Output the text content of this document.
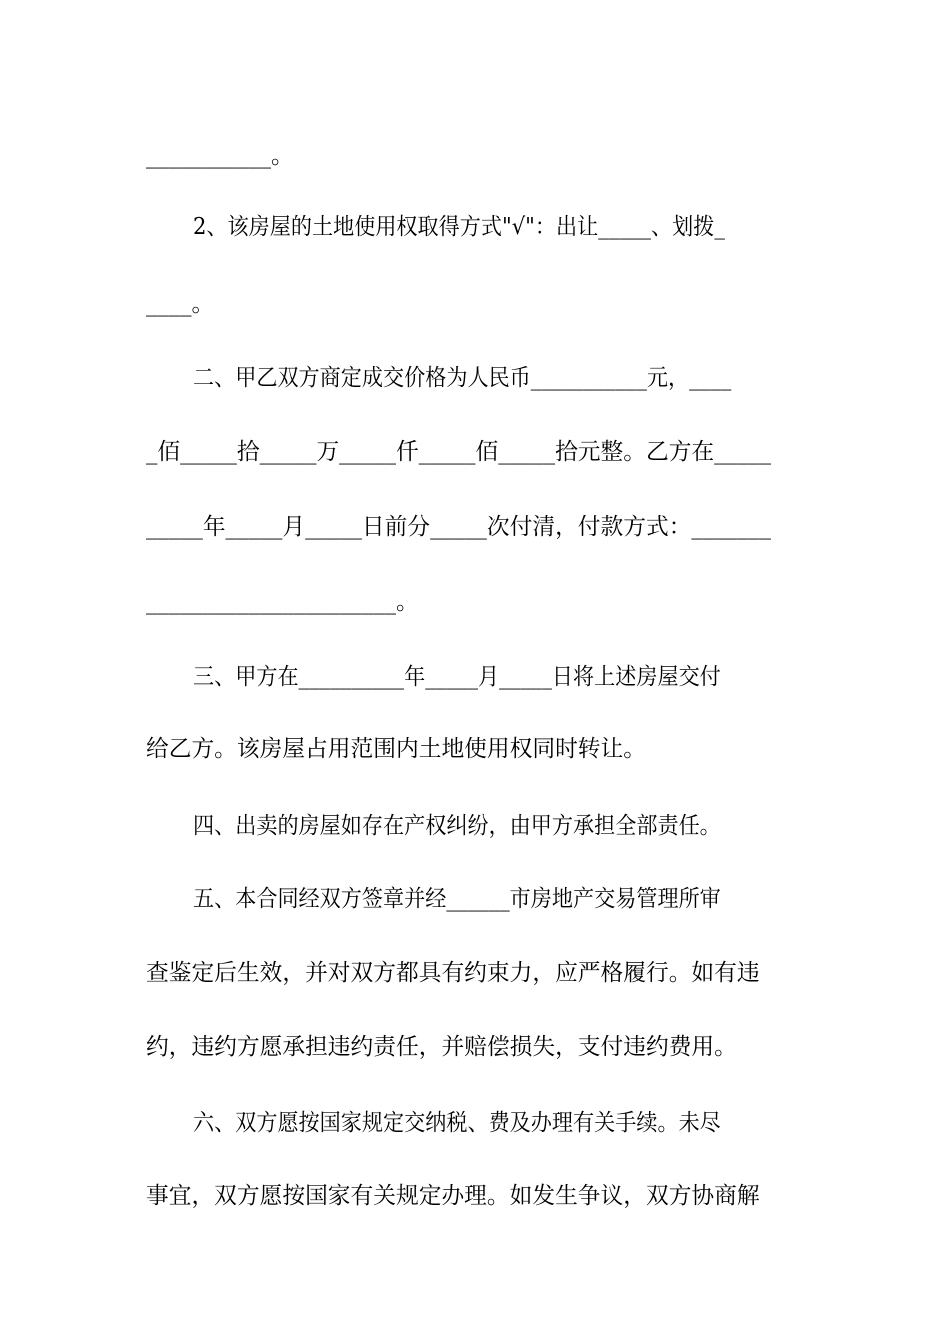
___________。
2、该房屋的土地使用权取得方式"√"：出让_____、划拨_
____。
二、甲乙双方商定成交价格为人民币___________元，____
_佰_____拾_____万_____仟_____佰_____拾元整。乙方在_____
_____年_____月_____日前分_____次付清，付款方式：_______
______________________。
三、甲方在__________年_____月_____日将上述房屋交付
给乙方。该房屋占用范围内土地使用权同时转让。
四、出卖的房屋如存在产权纠纷，由甲方承担全部责任。
五、本合同经双方签章并经______市房地产交易管理所审
查鉴定后生效，并对双方都具有约束力，应严格履行。如有违
约，违约方愿承担违约责任，并赔偿损失，支付违约费用。
六、双方愿按国家规定交纳税、费及办理有关手续。未尽
事宜，双方愿按国家有关规定办理。如发生争议，双方协商解
